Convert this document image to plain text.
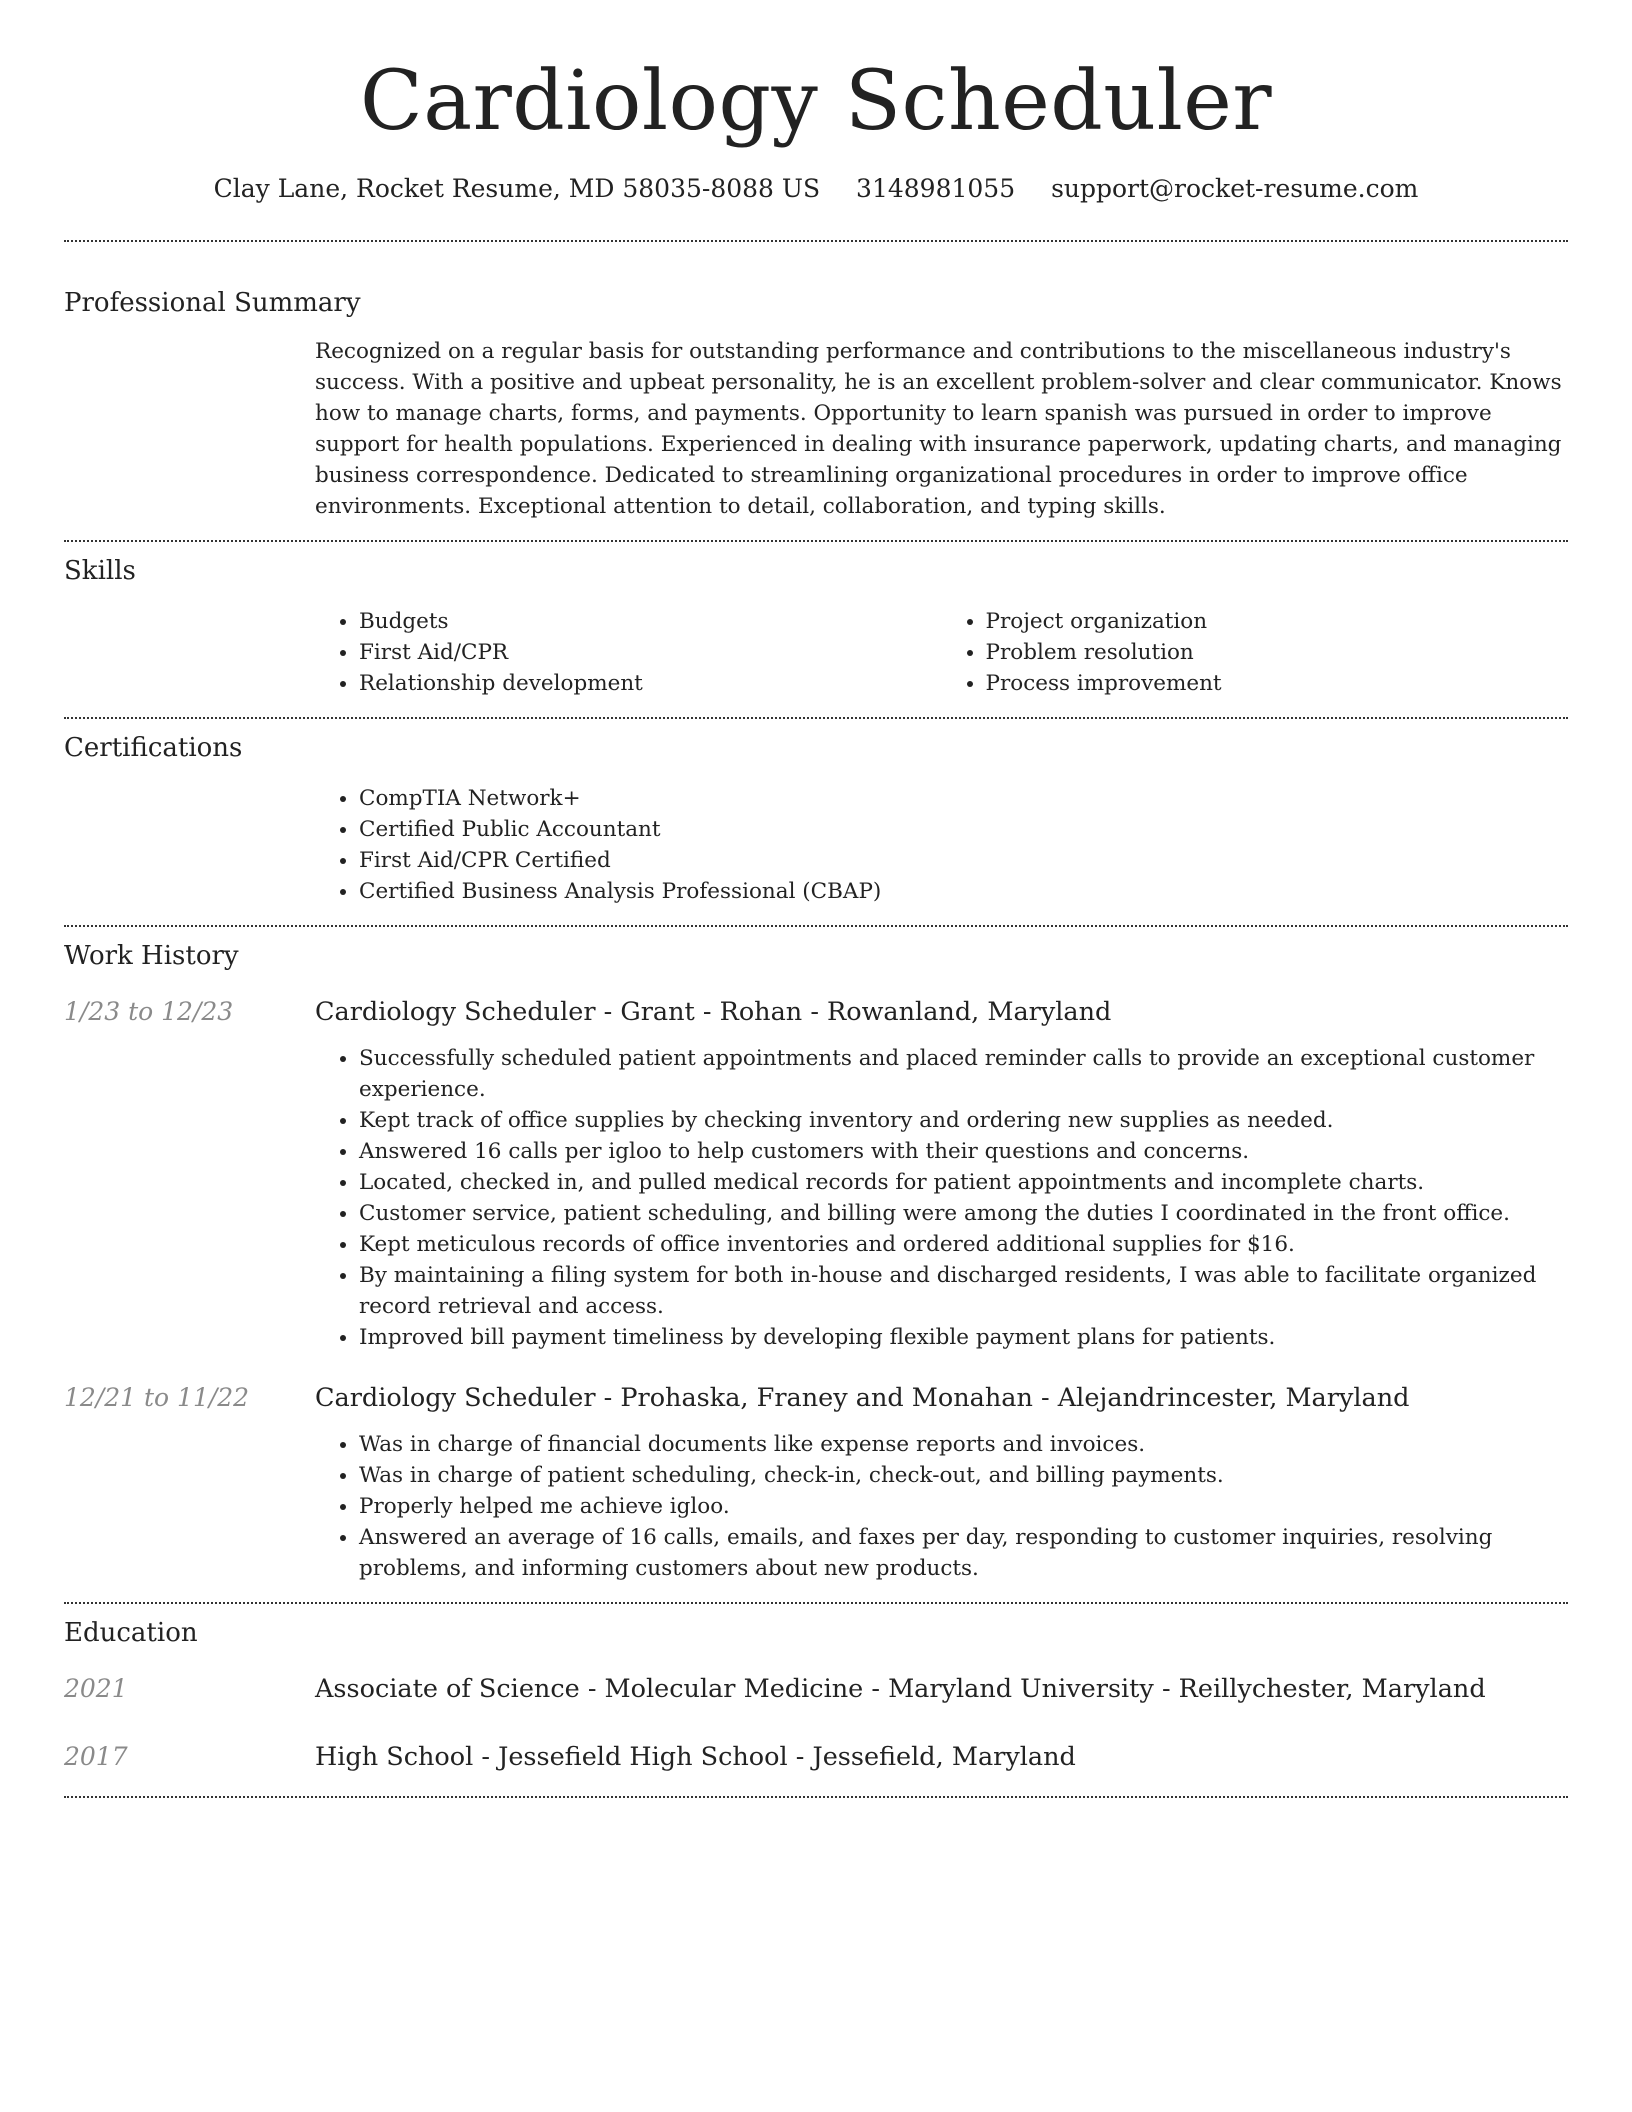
Cardiology Scheduler
Clay Lane, Rocket Resume, MD 58035-8088 US 3148981055 support@rocket-resume.com
Professional Summary

Recognized on a regular basis for outstanding performance and contributions to the miscellaneous industry's success. With a positive and upbeat personality, he is an excellent problem-solver and clear communicator. Knows how to manage charts, forms, and payments. Opportunity to learn spanish was pursued in order to improve support for health populations. Experienced in dealing with insurance paperwork, updating charts, and managing business correspondence. Dedicated to streamlining organizational procedures in order to improve office environments. Exceptional attention to detail, collaboration, and typing skills.

Skills
• Budgets
• First Aid/CPR
• Relationship development
• Project organization
• Problem resolution
• Process improvement
Certifications
• CompTIA Network+
• Certified Public Accountant
• First Aid/CPR Certified
• Certified Business Analysis Professional (CBAP)
Work History
1/23 to 12/23	Cardiology Scheduler - Grant - Rohan - Rowanland, Maryland
• Successfully scheduled patient appointments and placed reminder calls to provide an exceptional customer experience.
• Kept track of office supplies by checking inventory and ordering new supplies as needed.
• Answered 16 calls per igloo to help customers with their questions and concerns.
• Located, checked in, and pulled medical records for patient appointments and incomplete charts.
• Customer service, patient scheduling, and billing were among the duties I coordinated in the front office.
• Kept meticulous records of office inventories and ordered additional supplies for $16.
• By maintaining a filing system for both in-house and discharged residents, I was able to facilitate organized record retrieval and access.
• Improved bill payment timeliness by developing flexible payment plans for patients.
12/21 to 11/22	Cardiology Scheduler - Prohaska, Franey and Monahan - Alejandrincester, Maryland
• Was in charge of financial documents like expense reports and invoices.
• Was in charge of patient scheduling, check-in, check-out, and billing payments.
• Properly helped me achieve igloo.
• Answered an average of 16 calls, emails, and faxes per day, responding to customer inquiries, resolving problems, and informing customers about new products.
Education
2021	Associate of Science - Molecular Medicine - Maryland University - Reillychester, Maryland
2017	High School - Jessefield High School - Jessefield, Maryland
